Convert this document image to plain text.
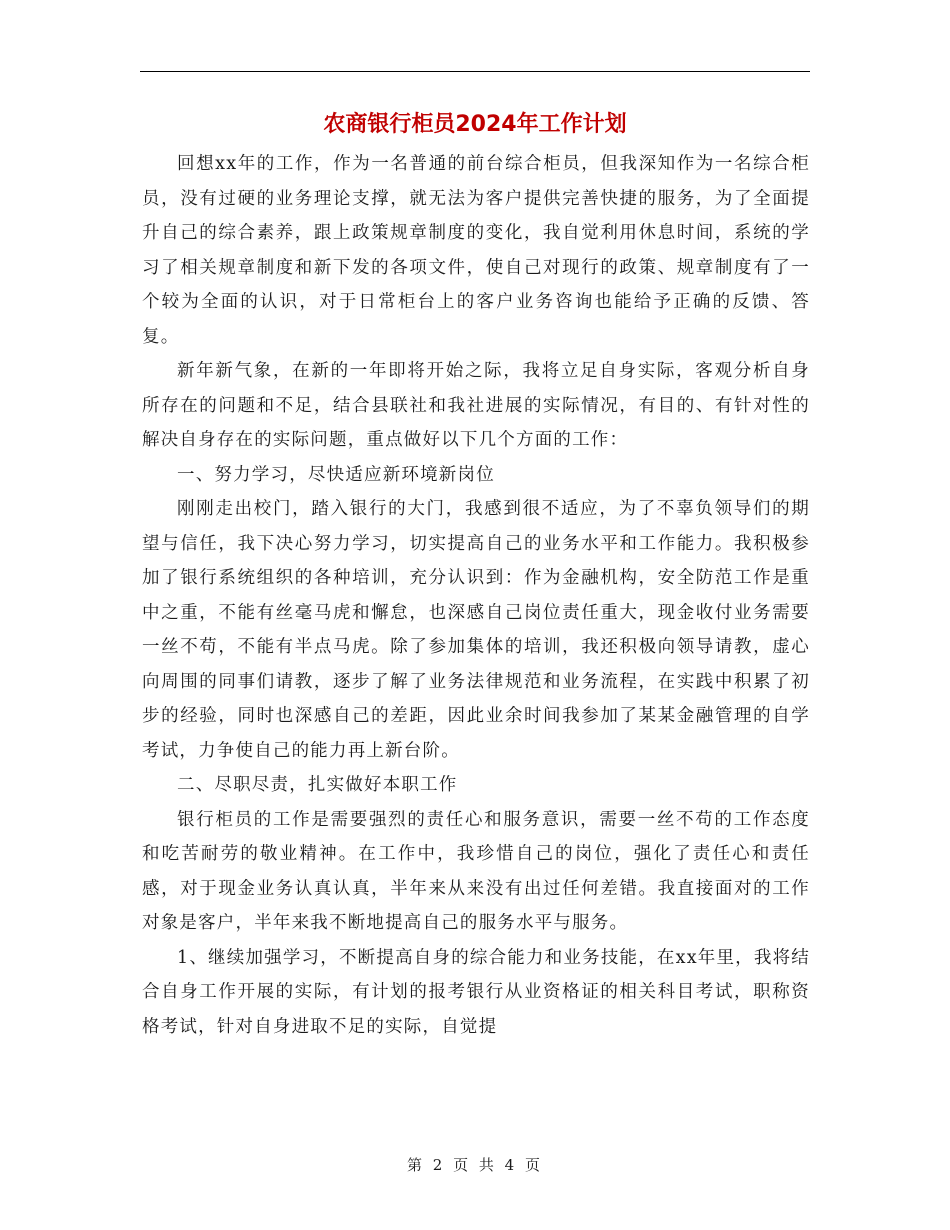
农商银行柜员2024年工作计划

回想xx年的工作，作为一名普通的前台综合柜员，但我深知作为一名综合柜员，没有过硬的业务理论支撑，就无法为客户提供完善快捷的服务，为了全面提升自己的综合素养，跟上政策规章制度的变化，我自觉利用休息时间，系统的学习了相关规章制度和新下发的各项文件，使自己对现行的政策、规章制度有了一个较为全面的认识，对于日常柜台上的客户业务咨询也能给予正确的反馈、答复。

新年新气象，在新的一年即将开始之际，我将立足自身实际，客观分析自身所存在的问题和不足，结合县联社和我社进展的实际情况，有目的、有针对性的解决自身存在的实际问题，重点做好以下几个方面的工作：

一、努力学习，尽快适应新环境新岗位

刚刚走出校门，踏入银行的大门，我感到很不适应，为了不辜负领导们的期望与信任，我下决心努力学习，切实提高自己的业务水平和工作能力。我积极参加了银行系统组织的各种培训，充分认识到：作为金融机构，安全防范工作是重中之重，不能有丝毫马虎和懈怠，也深感自己岗位责任重大，现金收付业务需要一丝不苟，不能有半点马虎。除了参加集体的培训，我还积极向领导请教，虚心向周围的同事们请教，逐步了解了业务法律规范和业务流程，在实践中积累了初步的经验，同时也深感自己的差距，因此业余时间我参加了某某金融管理的自学考试，力争使自己的能力再上新台阶。

二、尽职尽责，扎实做好本职工作

银行柜员的工作是需要强烈的责任心和服务意识，需要一丝不苟的工作态度和吃苦耐劳的敬业精神。在工作中，我珍惜自己的岗位，强化了责任心和责任感，对于现金业务认真认真，半年来从来没有出过任何差错。我直接面对的工作对象是客户，半年来我不断地提高自己的服务水平与服务。

1、继续加强学习，不断提高自身的综合能力和业务技能，在xx年里，我将结合自身工作开展的实际，有计划的报考银行从业资格证的相关科目考试，职称资格考试，针对自身进取不足的实际，自觉提

第 2 页 共 4 页
